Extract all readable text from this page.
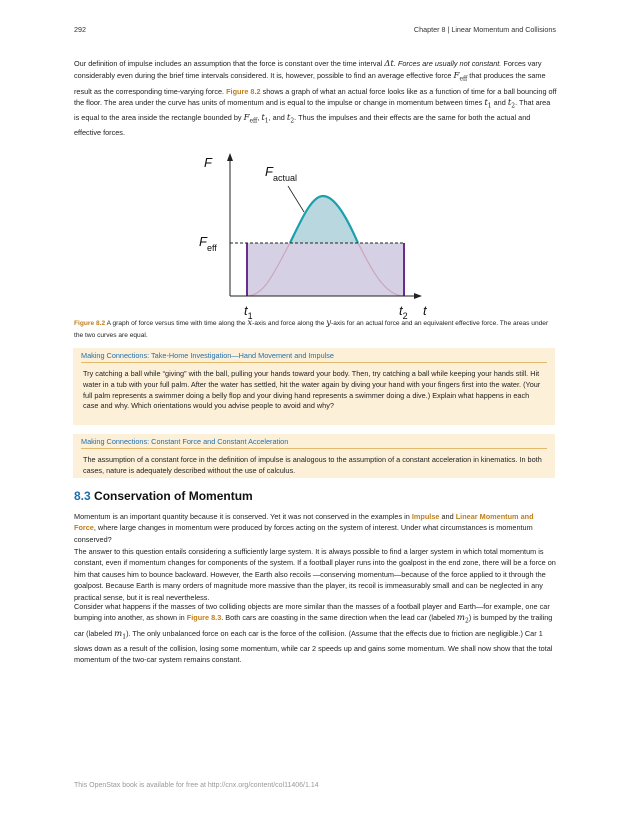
292	Chapter 8 | Linear Momentum and Collisions
Our definition of impulse includes an assumption that the force is constant over the time interval Δt. Forces are usually not constant. Forces vary considerably even during the brief time intervals considered. It is, however, possible to find an average effective force $F_{eff}$ that produces the same result as the corresponding time-varying force. Figure 8.2 shows a graph of what an actual force looks like as a function of time for a ball bouncing off the floor. The area under the curve has units of momentum and is equal to the impulse or change in momentum between times $t_1$ and $t_2$. That area is equal to the area inside the rectangle bounded by $F_{eff}$, $t_1$, and $t_2$. Thus the impulses and their effects are the same for both the actual and effective forces.
F
$F_{actual}$
$F_{eff}$
$t_1$	$t_2$ t
Figure 8.2 A graph of force versus time with time along the x-axis and force along the y-axis for an actual force and an equivalent effective force. The areas under the two curves are equal.
Making Connections: Take-Home Investigation—Hand Movement and Impulse
Try catching a ball while “giving” with the ball, pulling your hands toward your body. Then, try catching a ball while keeping your hands still. Hit water in a tub with your full palm. After the water has settled, hit the water again by diving your hand with your fingers first into the water. (Your full palm represents a swimmer doing a belly flop and your diving hand represents a swimmer doing a dive.) Explain what happens in each case and why. Which orientations would you advise people to avoid and why?
Making Connections: Constant Force and Constant Acceleration
The assumption of a constant force in the definition of impulse is analogous to the assumption of a constant acceleration in kinematics. In both cases, nature is adequately described without the use of calculus.
8.3 Conservation of Momentum
Momentum is an important quantity because it is conserved. Yet it was not conserved in the examples in Impulse and Linear Momentum and Force, where large changes in momentum were produced by forces acting on the system of interest. Under what circumstances is momentum conserved?
The answer to this question entails considering a sufficiently large system. It is always possible to find a larger system in which total momentum is constant, even if momentum changes for components of the system. If a football player runs into the goalpost in the end zone, there will be a force on him that causes him to bounce backward. However, the Earth also recoils —conserving momentum—because of the force applied to it through the goalpost. Because Earth is many orders of magnitude more massive than the player, its recoil is immeasurably small and can be neglected in any practical sense, but it is real nevertheless.
Consider what happens if the masses of two colliding objects are more similar than the masses of a football player and Earth—for example, one car bumping into another, as shown in Figure 8.3. Both cars are coasting in the same direction when the lead car (labeled $m_2$) is bumped by the trailing car (labeled $m_1$). The only unbalanced force on each car is the force of the collision. (Assume that the effects due to friction are negligible.) Car 1 slows down as a result of the collision, losing some momentum, while car 2 speeds up and gains some momentum. We shall now show that the total momentum of the two-car system remains constant.
This OpenStax book is available for free at http://cnx.org/content/col11406/1.14
